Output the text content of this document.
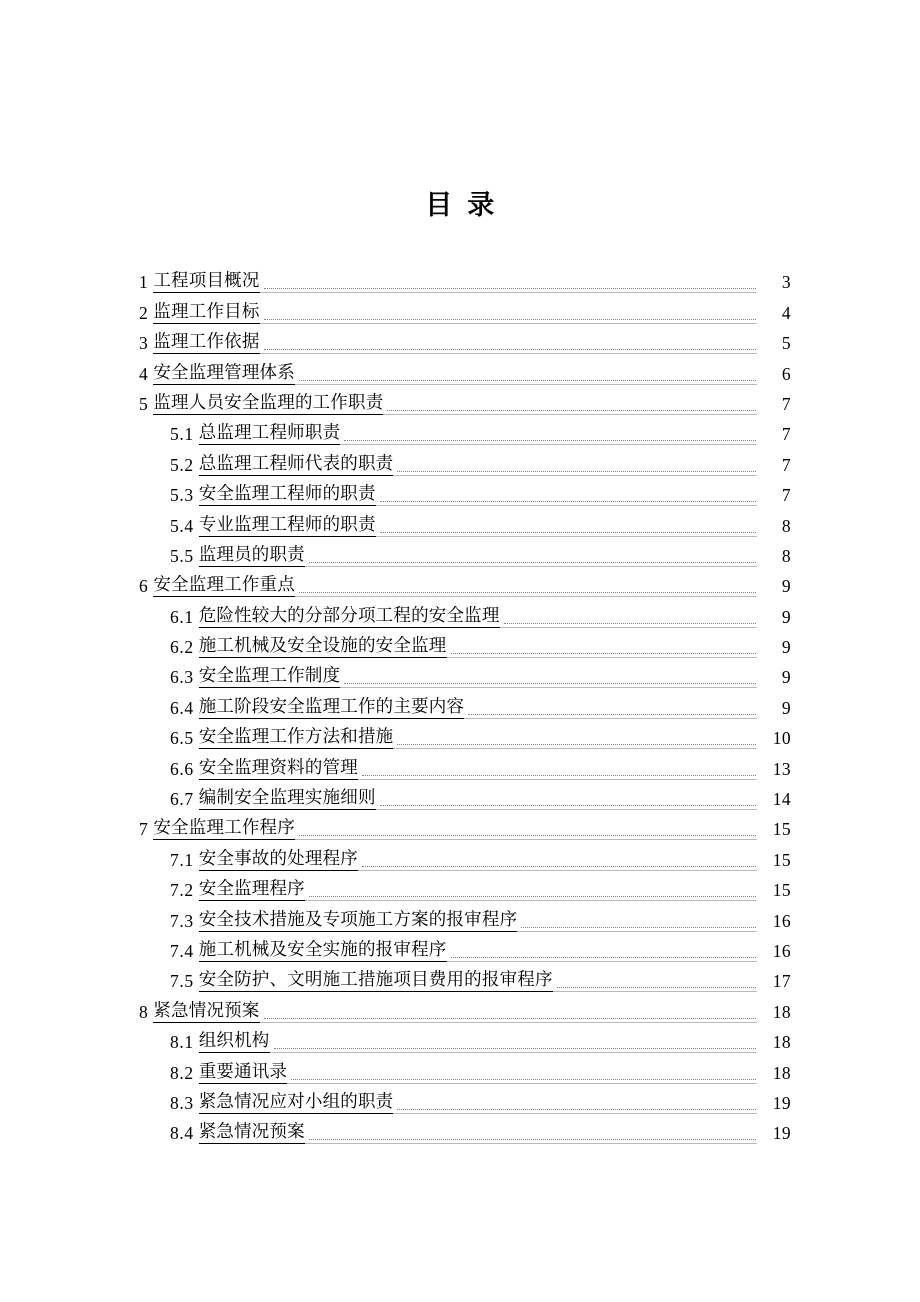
目  录
1 工程项目概况	3
2 监理工作目标	4
3 监理工作依据	5
4 安全监理管理体系	6
5 监理人员安全监理的工作职责	7
5.1 总监理工程师职责	7
5.2 总监理工程师代表的职责	7
5.3 安全监理工程师的职责	7
5.4 专业监理工程师的职责	8
5.5 监理员的职责	8
6 安全监理工作重点	9
6.1 危险性较大的分部分项工程的安全监理	9
6.2 施工机械及安全设施的安全监理	9
6.3 安全监理工作制度	9
6.4 施工阶段安全监理工作的主要内容	9
6.5 安全监理工作方法和措施	10
6.6 安全监理资料的管理	13
6.7 编制安全监理实施细则	14
7 安全监理工作程序	15
7.1 安全事故的处理程序	15
7.2 安全监理程序	15
7.3 安全技术措施及专项施工方案的报审程序	16
7.4 施工机械及安全实施的报审程序	16
7.5 安全防护、文明施工措施项目费用的报审程序	17
8 紧急情况预案	18
8.1 组织机构	18
8.2 重要通讯录	18
8.3 紧急情况应对小组的职责	19
8.4 紧急情况预案	19
